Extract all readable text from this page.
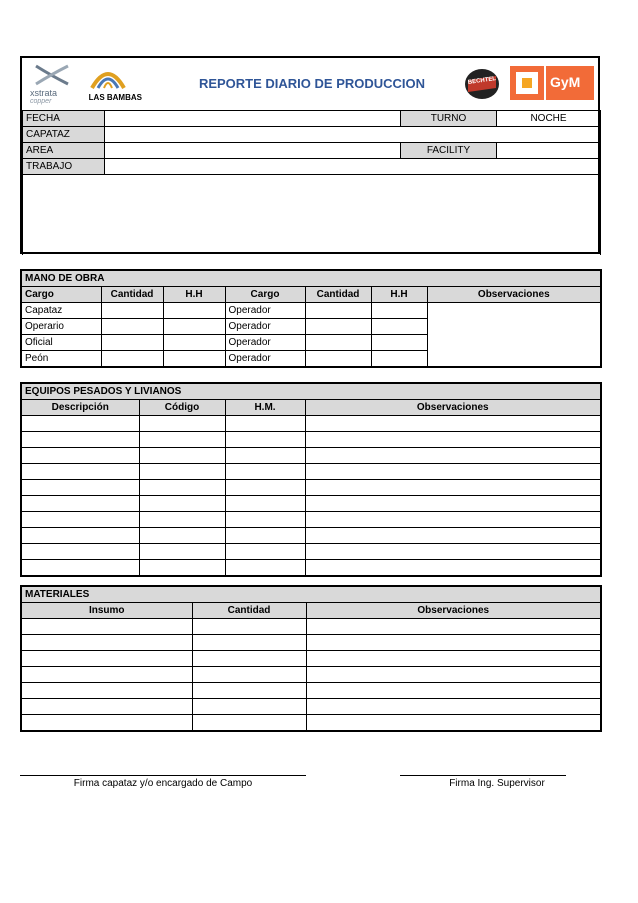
xstrata
copper	LAS BAMBAS
REPORTE DIARIO DE PRODUCCION	BECHTEL	GyM
FECHA		TURNO	NOCHE
CAPATAZ			
AREA		FACILITY	
TRABAJO			

MANO DE OBRA						
Cargo	Cantidad	H.H	Cargo	Cantidad	H.H	Observaciones
Capataz			Operador			
Operario			Operador			
Oficial			Operador			
Peón			Operador			
EQUIPOS PESADOS Y LIVIANOS			
Descripción	Código	H.M.	Observaciones

MATERIALES		
Insumo	Cantidad	Observaciones

Firma capataz y/o encargado de Campo	Firma Ing. Supervisor
